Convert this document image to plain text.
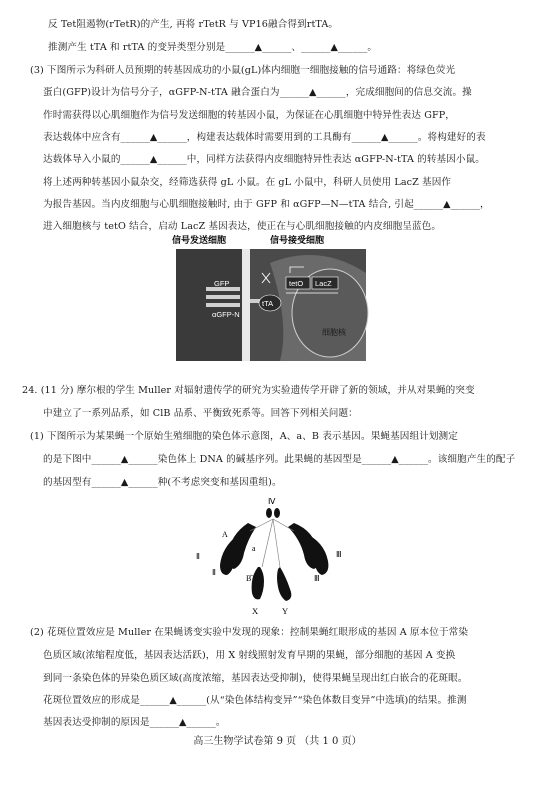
反 Tet阻遏物(rTetR)的产生, 再将 rTetR 与 VP16融合得到rtTA。
推测产生 tTA 和 rtTA 的变异类型分别是______▲______、______▲______。
(3) 下图所示为科研人员预期的转基因成功的小鼠(gL)体内细胞一细胞接触的信号通路：将绿色荧光
蛋白(GFP)设计为信号分子，αGFP-N-tTA 融合蛋白为______▲______，完成细胞间的信息交流。操
作时需获得以心肌细胞作为信号发送细胞的转基因小鼠，为保证在心肌细胞中特异性表达 GFP，
表达载体中应含有______▲______，构建表达载体时需要用到的工具酶有______▲______。将构建好的表
达载体导入小鼠的______▲______中，同样方法获得内皮细胞特异性表达 αGFP-N-tTA 的转基因小鼠。
将上述两种转基因小鼠杂交，经筛选获得 gL 小鼠。在 gL 小鼠中，科研人员使用 LacZ 基因作
为报告基因。当内皮细胞与心肌细胞接触时, 由于 GFP 和 αGFP—N—tTA 结合, 引起______▲______，
进入细胞核与 tetO 结合，启动 LacZ 基因表达，使正在与心肌细胞接触的内皮细胞呈蓝色。
信号发送细胞	信号接受细胞
GFP
αGFP-N
tTA
tetO LacZ
细胞核
24. (11 分) 摩尔根的学生 Muller 对辐射遗传学的研究为实验遗传学开辟了新的领域，并从对果蝇的突变
中建立了一系列品系，如 ClB 品系、平衡致死系等。回答下列相关问题：
(1) 下图所示为某果蝇一个原始生殖细胞的染色体示意图，A、a、B 表示基因。果蝇基因组计划测定
的是下图中______▲______染色体上 DNA 的碱基序列。此果蝇的基因型是______▲______。该细胞产生的配子
的基因型有______▲______种(不考虑突变和基因重组)。
Ⅳ
A
a
B
Ⅱ
Ⅱ
Ⅲ
Ⅲ
X	Y
(2) 花斑位置效应是 Muller 在果蝇诱变实验中发现的现象：控制果蝇红眼形成的基因 A 原本位于常染
色质区域(浓缩程度低，基因表达活跃)，用 X 射线照射发育早期的果蝇，部分细胞的基因 A 变换
到同一条染色体的异染色质区域(高度浓缩，基因表达受抑制)，使得果蝇呈现出红白嵌合的花斑眼。
花斑位置效应的形成是______▲______(从“染色体结构变异”“染色体数目变异”中选填)的结果。推测
基因表达受抑制的原因是______▲______。
高三生物学试卷第 9 页 （共 1 0 页）
